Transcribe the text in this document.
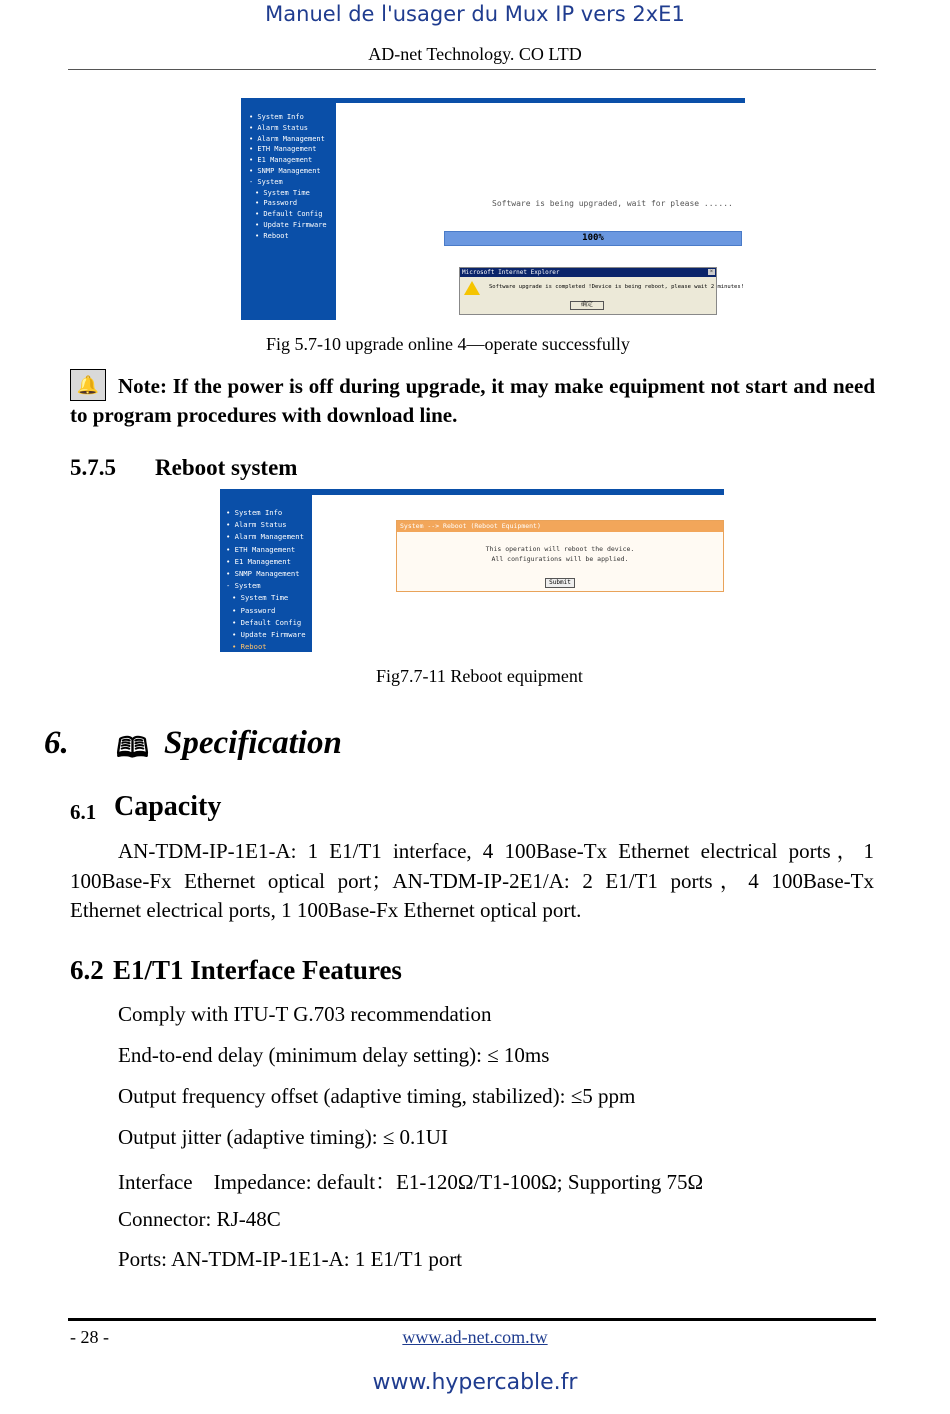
Manuel de l'usager du Mux IP vers 2xE1
AD-net Technology. CO LTD
• System Info
• Alarm Status
• Alarm Management
• ETH Management
• E1 Management
• SNMP Management
- System
• System Time
• Password
• Default Config
• Update Firmware
• Reboot
Software is being upgraded, wait for please ......
100%
Microsoft Internet Explorer	×
Software upgrade is completed !Device is being reboot, please wait 2 minutes!
确定
Fig 5.7-10 upgrade online 4—operate successfully
🔔 Note: If the power is off during upgrade, it may make equipment not start and need to program procedures with download line.
5.7.5 Reboot system
• System Info
• Alarm Status
• Alarm Management
• ETH Management
• E1 Management
• SNMP Management
- System
• System Time
• Password
• Default Config
• Update Firmware
• Reboot
System --> Reboot (Reboot Equipment)
This operation will reboot the device.
All configurations will be applied.
Submit
Fig7.7-11 Reboot equipment
6. 🕮 Specification
6.1 Capacity
AN-TDM-IP-1E1-A: 1 E1/T1 interface, 4 100Base-Tx Ethernet electrical ports，1 100Base-Fx Ethernet optical port；AN-TDM-IP-2E1/A: 2 E1/T1 ports，4 100Base-Tx Ethernet electrical ports, 1 100Base-Fx Ethernet optical port.
6.2 E1/T1 Interface Features
Comply with ITU-T G.703 recommendation
End-to-end delay (minimum delay setting): ≤ 10ms
Output frequency offset (adaptive timing, stabilized): ≤5 ppm
Output jitter (adaptive timing): ≤ 0.1UI
Interface    Impedance: default：E1-120Ω/T1-100Ω; Supporting 75Ω
Connector: RJ-48C
Ports: AN-TDM-IP-1E1-A: 1 E1/T1 port
- 28 -	www.ad-net.com.tw
www.hypercable.fr
